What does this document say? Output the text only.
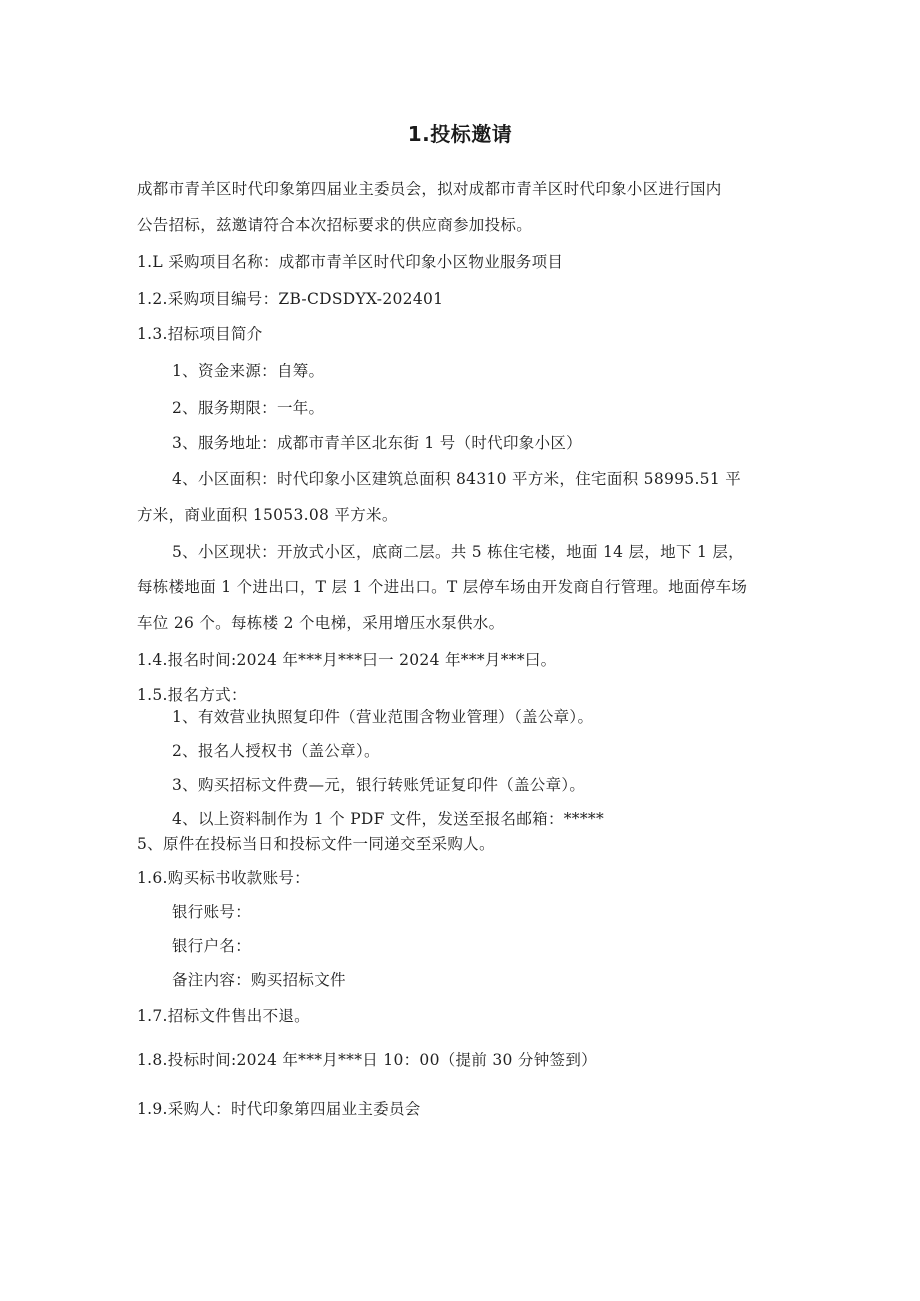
1.投标邀请
成都市青羊区时代印象第四届业主委员会，拟对成都市青羊区时代印象小区进行国内
公告招标，兹邀请符合本次招标要求的供应商参加投标。
1.L 采购项目名称：成都市青羊区时代印象小区物业服务项目
1.2.采购项目编号：ZB-CDSDYX-202401
1.3.招标项目简介
1、资金来源：自筹。
2、服务期限：一年。
3、服务地址：成都市青羊区北东街 1 号（时代印象小区）
4、小区面积：时代印象小区建筑总面积 84310 平方米，住宅面积 58995.51 平
方米，商业面积 15053.08 平方米。
5、小区现状：开放式小区，底商二层。共 5 栋住宅楼，地面 14 层，地下 1 层，
每栋楼地面 1 个进出口，T 层 1 个进出口。T 层停车场由开发商自行管理。地面停车场
车位 26 个。每栋楼 2 个电梯，采用增压水泵供水。
1.4.报名时间:2024 年***月***曰一 2024 年***月***曰。
1.5.报名方式：
1、有效营业执照复印件（营业范围含物业管理）（盖公章）。
2、报名人授权书（盖公章）。
3、购买招标文件费—元，银行转账凭证复印件（盖公章）。
4、以上资料制作为 1 个 PDF 文件，发送至报名邮箱：*****
5、原件在投标当日和投标文件一同递交至采购人。
1.6.购买标书收款账号：
银行账号：
银行户名：
备注内容：购买招标文件
1.7.招标文件售出不退。
1.8.投标时间:2024 年***月***日 10：00（提前 30 分钟签到）
1.9.采购人：时代印象第四届业主委员会
